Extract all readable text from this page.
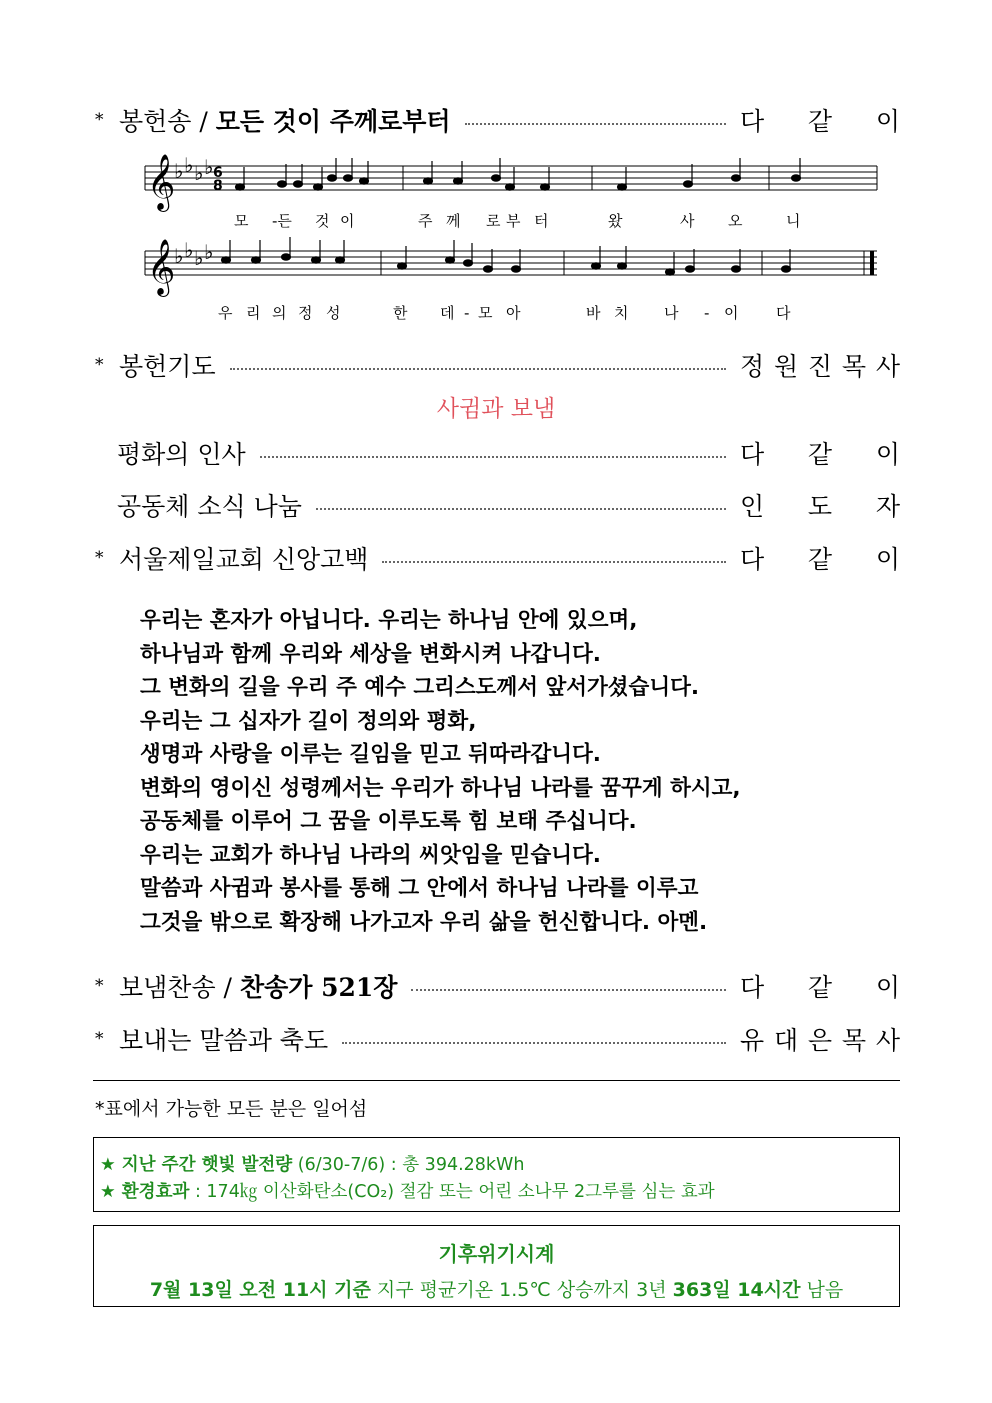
* 봉헌송 / 모든 것이 주께로부터	다 같 이
𝄞
𝄞
♭ ♭ ♭ ♭
♭ ♭ ♭ ♭
6
8
모 -든 것 이	주 께 로 부 터	왔	사 오	니
우 리 의 정 성	한 데 - 모 아	바 치 나 - 이	다
* 봉헌기도	정 원 진 목 사
사귐과 보냄
평화의 인사	다 같 이
공동체 소식 나눔	인 도 자
* 서울제일교회 신앙고백	다 같 이
우리는 혼자가 아닙니다. 우리는 하나님 안에 있으며,
하나님과 함께 우리와 세상을 변화시켜 나갑니다.
그 변화의 길을 우리 주 예수 그리스도께서 앞서가셨습니다.
우리는 그 십자가 길이 정의와 평화,
생명과 사랑을 이루는 길임을 믿고 뒤따라갑니다.
변화의 영이신 성령께서는 우리가 하나님 나라를 꿈꾸게 하시고,
공동체를 이루어 그 꿈을 이루도록 힘 보태 주십니다.
우리는 교회가 하나님 나라의 씨앗임을 믿습니다.
말씀과 사귐과 봉사를 통해 그 안에서 하나님 나라를 이루고
그것을 밖으로 확장해 나가고자 우리 삶을 헌신합니다. 아멘.
* 보냄찬송 / 찬송가 521장	다 같 이
* 보내는 말씀과 축도	유 대 은 목 사
*표에서 가능한 모든 분은 일어섬
★ 지난 주간 햇빛 발전량 (6/30-7/6) : 총 394.28kWh
★ 환경효과 : 174㎏ 이산화탄소(CO₂) 절감 또는 어린 소나무 2그루를 심는 효과
기후위기시계
7월 13일 오전 11시 기준 지구 평균기온 1.5℃ 상승까지 3년 363일 14시간 남음
